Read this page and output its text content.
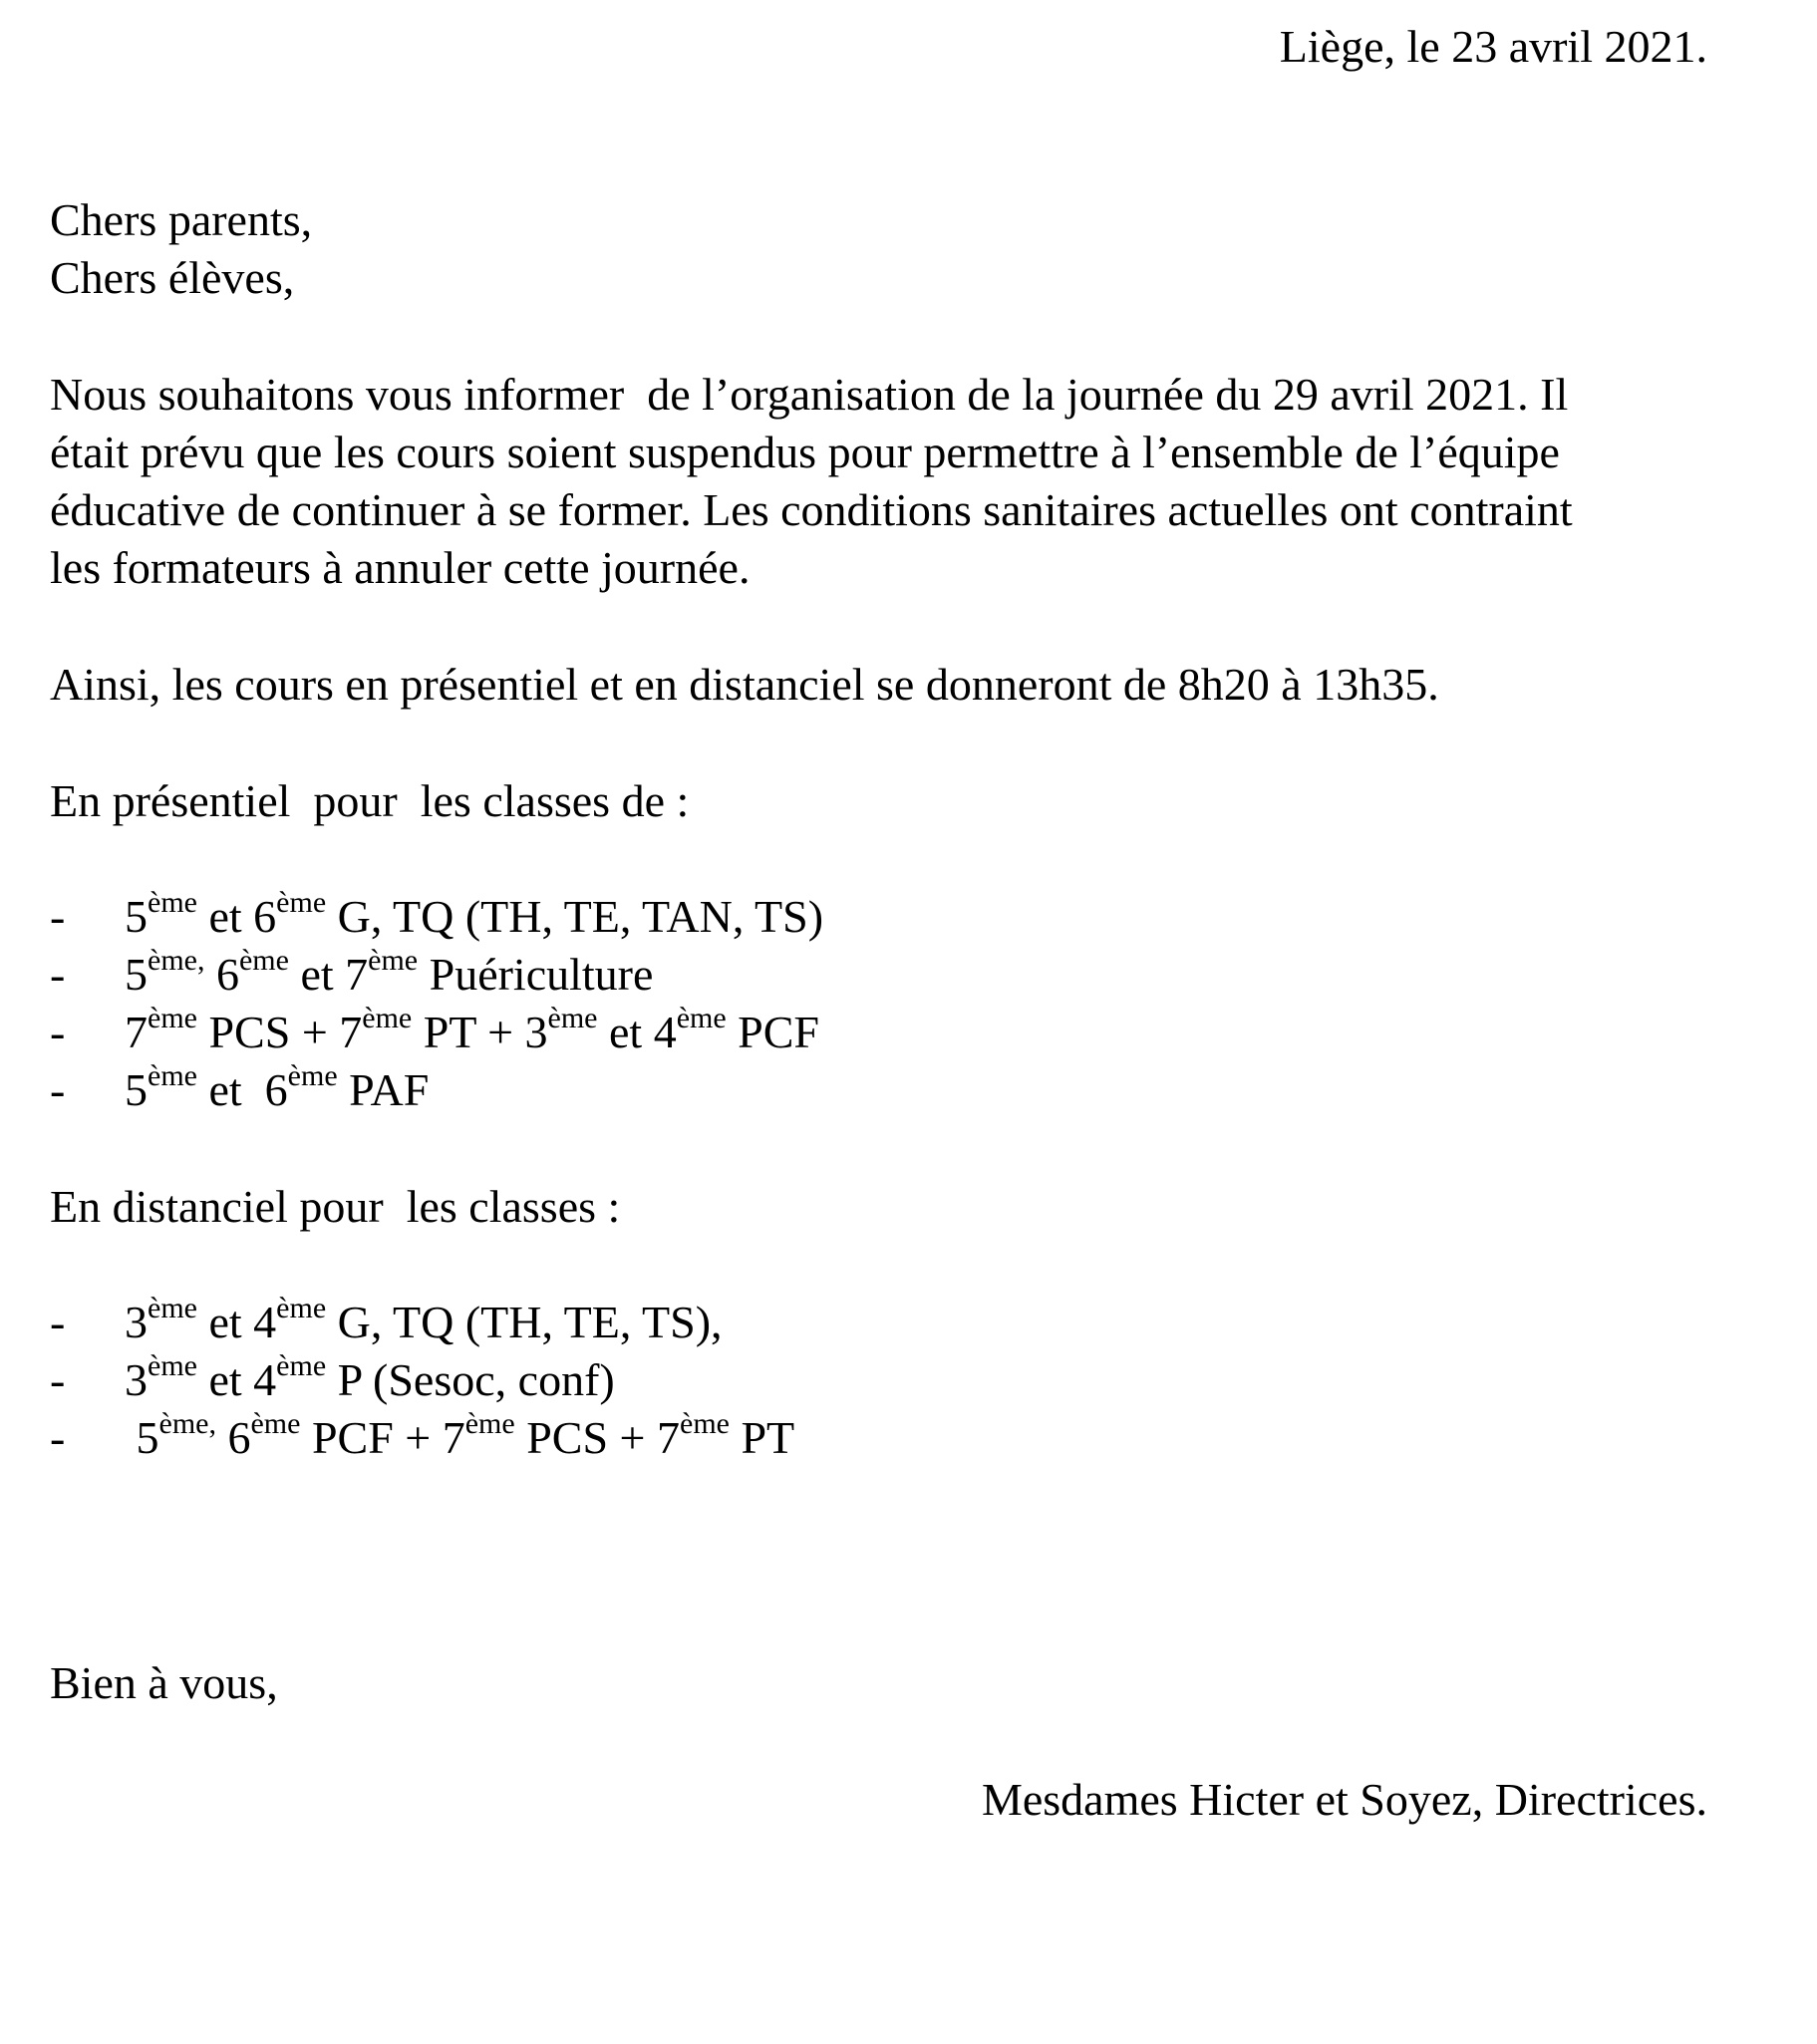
Liège, le 23 avril 2021.
Chers parents,
Chers élèves,
Nous souhaitons vous informer  de l’organisation de la journée du 29 avril 2021. Il
était prévu que les cours soient suspendus pour permettre à l’ensemble de l’équipe
éducative de continuer à se former. Les conditions sanitaires actuelles ont contraint
les formateurs à annuler cette journée.
Ainsi, les cours en présentiel et en distanciel se donneront de 8h20 à 13h35.
En présentiel  pour  les classes de :
- 5ème et 6ème G, TQ (TH, TE, TAN, TS)
- $5^{ème,}$ 6ème et 7ème Puériculture
- 7ème PCS + 7ème PT + 3ème et 4ème PCF
- 5ème et  6ème PAF
En distanciel pour  les classes :
- 3ème et 4ème G, TQ (TH, TE, TS),
- 3ème et 4ème P (Sesoc, conf)
- $5^{ème,}$ 6ème PCF + 7ème PCS + 7ème PT
Bien à vous,
Mesdames Hicter et Soyez, Directrices.
